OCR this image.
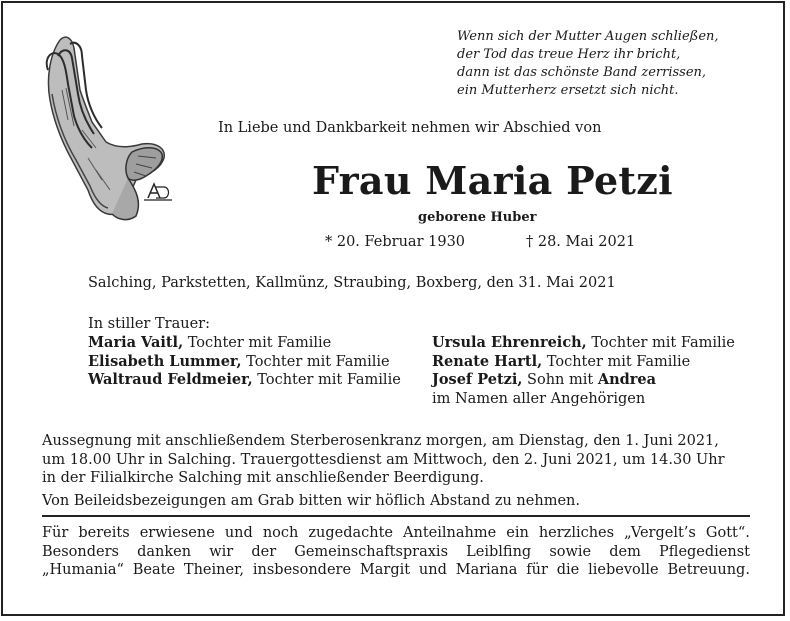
Wenn sich der Mutter Augen schließen,
der Tod das treue Herz ihr bricht,
dann ist das schönste Band zerrissen,
ein Mutterherz ersetzt sich nicht.
In Liebe und Dankbarkeit nehmen wir Abschied von
Frau Maria Petzi
geborene Huber
* 20. Februar 1930	† 28. Mai 2021
Salching, Parkstetten, Kallmünz, Straubing, Boxberg, den 31. Mai 2021
In stiller Trauer:
Maria Vaitl, Tochter mit Familie
Elisabeth Lummer, Tochter mit Familie
Waltraud Feldmeier, Tochter mit Familie
Ursula Ehrenreich, Tochter mit Familie
Renate Hartl, Tochter mit Familie
Josef Petzi, Sohn mit Andrea
im Namen aller Angehörigen
Aussegnung mit anschließendem Sterberosenkranz morgen, am Dienstag, den 1. Juni 2021,
um 18.00 Uhr in Salching. Trauergottesdienst am Mittwoch, den 2. Juni 2021, um 14.30 Uhr
in der Filialkirche Salching mit anschließender Beerdigung.
Von Beileidsbezeigungen am Grab bitten wir höflich Abstand zu nehmen.
Für bereits erwiesene und noch zugedachte Anteilnahme ein herzliches „Vergelt’s Gott“.
Besonders danken wir der Gemeinschaftspraxis Leiblfing sowie dem Pflegedienst
„Humania“ Beate Theiner, insbesondere Margit und Mariana für die liebevolle Betreuung.
